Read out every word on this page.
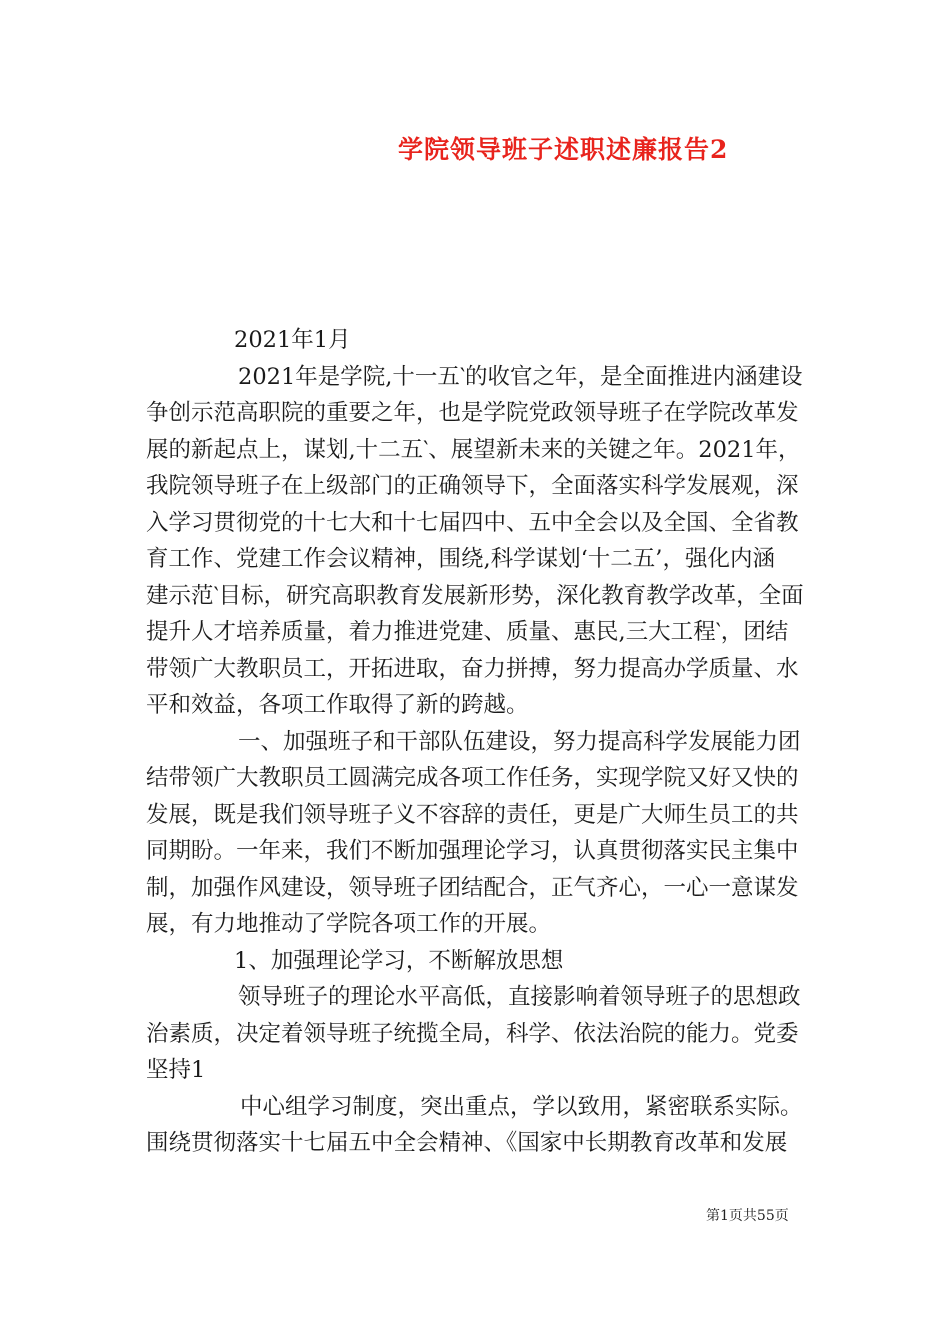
学院领导班子述职述廉报告2
2021年1月
2021年是学院,十一五‵的收官之年，是全面推进内涵建设
争创示范高职院的重要之年，也是学院党政领导班子在学院改革发
展的新起点上，谋划,十二五‵、展望新未来的关键之年。2021年，
我院领导班子在上级部门的正确领导下，全面落实科学发展观，深
入学习贯彻党的十七大和十七届四中、五中全会以及全国、全省教
育工作、党建工作会议精神，围绕,科学谋划‘十二五’，强化内涵
建示范‵目标，研究高职教育发展新形势，深化教育教学改革，全面
提升人才培养质量，着力推进党建、质量、惠民,三大工程‵，团结
带领广大教职员工，开拓进取，奋力拼搏，努力提高办学质量、水
平和效益，各项工作取得了新的跨越。
一、加强班子和干部队伍建设，努力提高科学发展能力团
结带领广大教职员工圆满完成各项工作任务，实现学院又好又快的
发展，既是我们领导班子义不容辞的责任，更是广大师生员工的共
同期盼。一年来，我们不断加强理论学习，认真贯彻落实民主集中
制，加强作风建设，领导班子团结配合，正气齐心，一心一意谋发
展，有力地推动了学院各项工作的开展。
1、加强理论学习，不断解放思想
领导班子的理论水平高低，直接影响着领导班子的思想政
治素质，决定着领导班子统揽全局，科学、依法治院的能力。党委
坚持1
中心组学习制度，突出重点，学以致用，紧密联系实际。
围绕贯彻落实十七届五中全会精神、《国家中长期教育改革和发展
第1页共55页
